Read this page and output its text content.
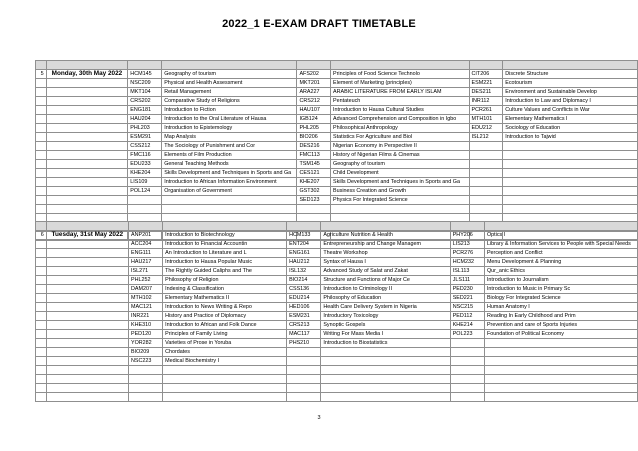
2022_1 E-EXAM DRAFT TIMETABLE

5	Monday, 30th May 2022	HCM145	Geography of tourism	AFS202	Principles of Food Science Technolo	CIT206	Discrete Structure
		NSC209	Physical and Health Assessment	MKT201	Element of Marketing (principles)	ESM221	Ecotourism
		MKT104	Retail Management	ARA227	ARABIC LITERATURE FROM EARLY ISLAM	DES211	Environment and Sustainable Develop
		CRS202	Comparative Study of Religions	CRS212	Pentateuch	INR112	Introduction to Law and Diplomacy I
		ENG181	Introduction to Fiction	HAU107	Introduction to Hausa Cultural Studies	PCR261	Culture Values and Conflicts in War
		HAU204	Introduction to the Oral Literature of Hausa	IGB124	Advanced Comprehension and Composition in Igbo	MTH101	Elementary Mathematics I
		PHL203	Introduction to Epistemology	PHL205	Philosophical Anthropology	EDU212	Sociology of Education
		ESM291	Map Analysis	BIO206	Statistics For Agriculture and Biol	ISL212	Introduction to Tajwid
		CSS212	The Sociology of Punishment and Cor	DES216	Nigerian Economy in Perspective II		
		FMC116	Elements of Film Production	FMC113	History of Nigerian Films & Cinemas		
		EDU233	General Teaching Methods	TSM145	Geography of tourism		
		KHE204	Skills Development and Techniques in Sports and Ga	CES121	Child Development		
		LIS109	Introduction to African Information Environment	KHE207	Skills Development and Techniques in Sports and Ga		
		POL124	Organisation of Government	GST302	Business Creation and Growth		
				SED123	Physics For Integrated Science		

6	Tuesday, 31st May 2022	ANP201	Introduction to Biotechnology	HCM133	Agriculture Nutrition & Health	PHY206	Optics I
		ACC204	Introduction to Financial Accountin	ENT204	Entrepreneurship and Change Managem	LIS213	Library & Information Services to People with Special Needs
		ENG111	An Introduction to Literature and L	ENG161	Theatre Workshop	PCR276	Perception and Conflict
		HAU217	Introduction to Hausa Popular Music	HAU212	Syntax of Hausa I	HCM232	Menu Development & Planning
		ISL271	The Rightly Guided Caliphs and The	ISL132	Advanced Study of Salat and Zakat	ISL113	Qur_anic Ethics
		PHL252	Philosophy of Religion	BIO214	Structure and Functions of Major Ce	JLS111	Introduction to Journalism
		DAM207	Indexing & Classification	CSS136	Introduction to Criminology II	PED230	Introduction to Music in Primary Sc
		MTH102	Elementary Mathematics II	EDU214	Philosophy of Education	SED221	Biology For Integrated Science
		MAC121	Introduction to News Writing & Repo	HED106	Health Care Delivery System in Nigeria	NSC215	Human Anatomy I
		INR221	History and Practice of Diplomacy	ESM231	Introductory Toxicology	PED112	Reading In Early Childhood and Prim
		KHE310	Introduction to African and Folk Dance	CRS213	Synoptic Gospels	KHE214	Prevention and care of Sports Injuries
		PED120	Principles of Family Living	MAC117	Writing For Mass Media I	POL223	Foundation of Political Economy
		YOR282	Varieties of Prose in Yoruba	PHS210	Introduction to Biostatistics		
		BIO209	Chordates				
		NSC223	Medical Biochemistry I				

3
